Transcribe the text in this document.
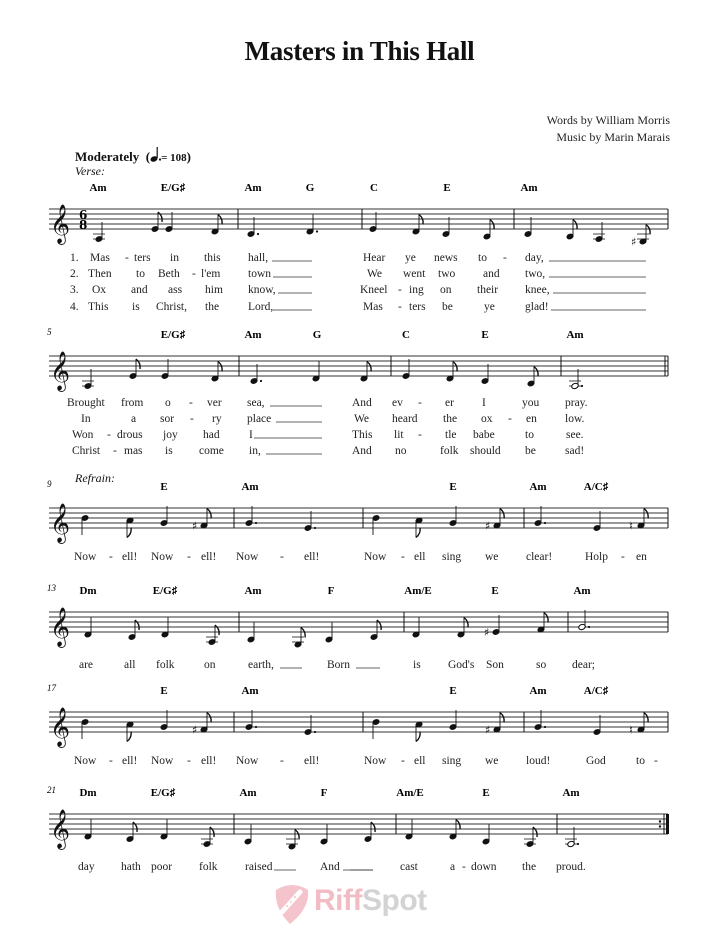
Masters in This Hall
Words by William Morris
Music by Marin Marais
Moderately  ( = 108)
Verse:
Refrain:
𝄞 6
8
Am	E/G♯	Am	G	C	E	Am
♯
1. Mas - ters in this hall,	Hear ye news to - day,
2. Then to Beth - l'em town	We went two and two,
3. Ox and ass him know,	Kneel - ing on their knee,
4. This is Christ, the	Lord,	Mas - ters be	ye	glad!
𝄞
5	E/G♯	Am	G	C	E	Am
Brought from o - ver sea,	And ev - er I	you pray.
In	a sor - ry place	We heard the ox - en low.
Won - drous joy had	I	This lit - tle babe	to	see.
Christ - mas is come in,	And no	folk should be	sad!
𝄞
9	E	Am	E	Am	A/C♯
♯	♯	♮
Now - ell! Now - ell! Now - ell!	Now - ell sing we clear!	Holp - en
𝄞
13 Dm	E/G♯	Am	F	Am/E	E	Am
♯
are	all folk	on	earth,	Born	is God's Son	so dear;
𝄞
17	E	Am	E	Am	A/C♯
♯	♯	♮
Now - ell! Now - ell! Now - ell!	Now - ell sing we loud!	God	to -
𝄞
21 Dm	E/G♯	Am	F	Am/E	E	Am
day hath poor folk raised	And	cast	a - down the proud.
RiffSpot
